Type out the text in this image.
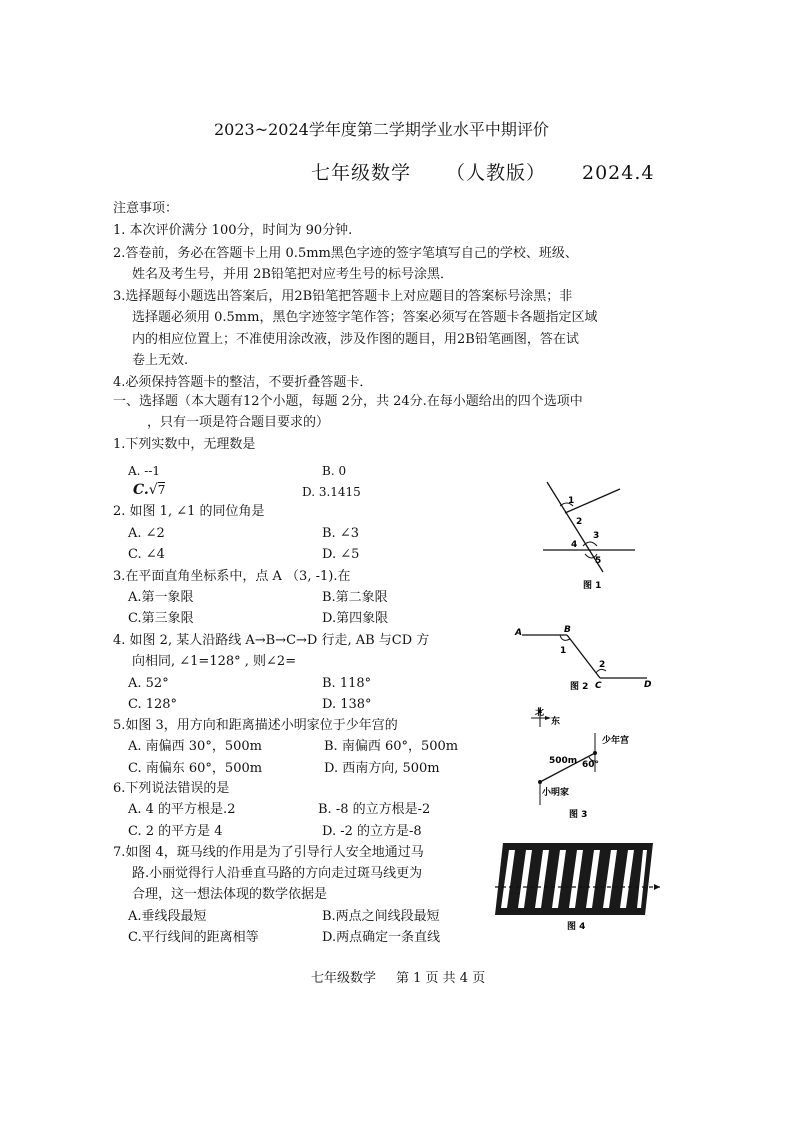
2023~2024学年度第二学期学业水平中期评价
七年级数学 （人教版） 2024.4
注意事项：
1. 本次评价满分 100分，时间为 90分钟.
2.答卷前，务必在答题卡上用 0.5mm黑色字迹的签字笔填写自己的学校、班级、
姓名及考生号，并用 2B铅笔把对应考生号的标号涂黑．
3.选择题每小题选出答案后，用2B铅笔把答题卡上对应题目的答案标号涂黑；非
选择题必须用 0.5mm，黑色字迹签字笔作答；答案必须写在答题卡各题指定区域
内的相应位置上；不准使用涂改液，涉及作图的题目，用2B铅笔画图，答在试
卷上无效.
4.必须保持答题卡的整洁，不要折叠答题卡．
一、选择题（本大题有12个小题，每题 2分，共 24分.在每小题给出的四个选项中
，只有一项是符合题目要求的）
1.下列实数中，无理数是
A. --1	B. 0
C.√7	D. 3.1415
2. 如图 1, ∠1 的同位角是
A. ∠2	B. ∠3
C. ∠4	D. ∠5
3.在平面直角坐标系中，点 A （3, -1).在
A.第一象限	B.第二象限
C.第三象限	D.第四象限
4. 如图 2, 某人沿路线 A→B→C→D 行走, AB 与CD 方
向相同, ∠1=128° , 则∠2=
A. 52°	B. 118°
C. 128°	D. 138°
5.如图 3，用方向和距离描述小明家位于少年宫的
A. 南偏西 30°，500m	B. 南偏西 60°，500m
C. 南偏东 60°，500m	D. 西南方向, 500m
6.下列说法错误的是
A. 4 的平方根是.2	B. -8 的立方根是-2
C. 2 的平方是 4	D. -2 的立方是-8
7.如图 4，斑马线的作用是为了引导行人安全地通过马
路.小丽觉得行人沿垂直马路的方向走过斑马线更为
合理，这一想法体现的数学依据是
A.垂线段最短	B.两点之间线段最短
C.平行线间的距离相等	D.两点确定一条直线
1
2
3
4
5
图 1
A	B
C	D
1
2
图 2
北
东
少年宫
500m 60°
小明家
图 3
图 4
七年级数学 第 1 页 共 4 页
